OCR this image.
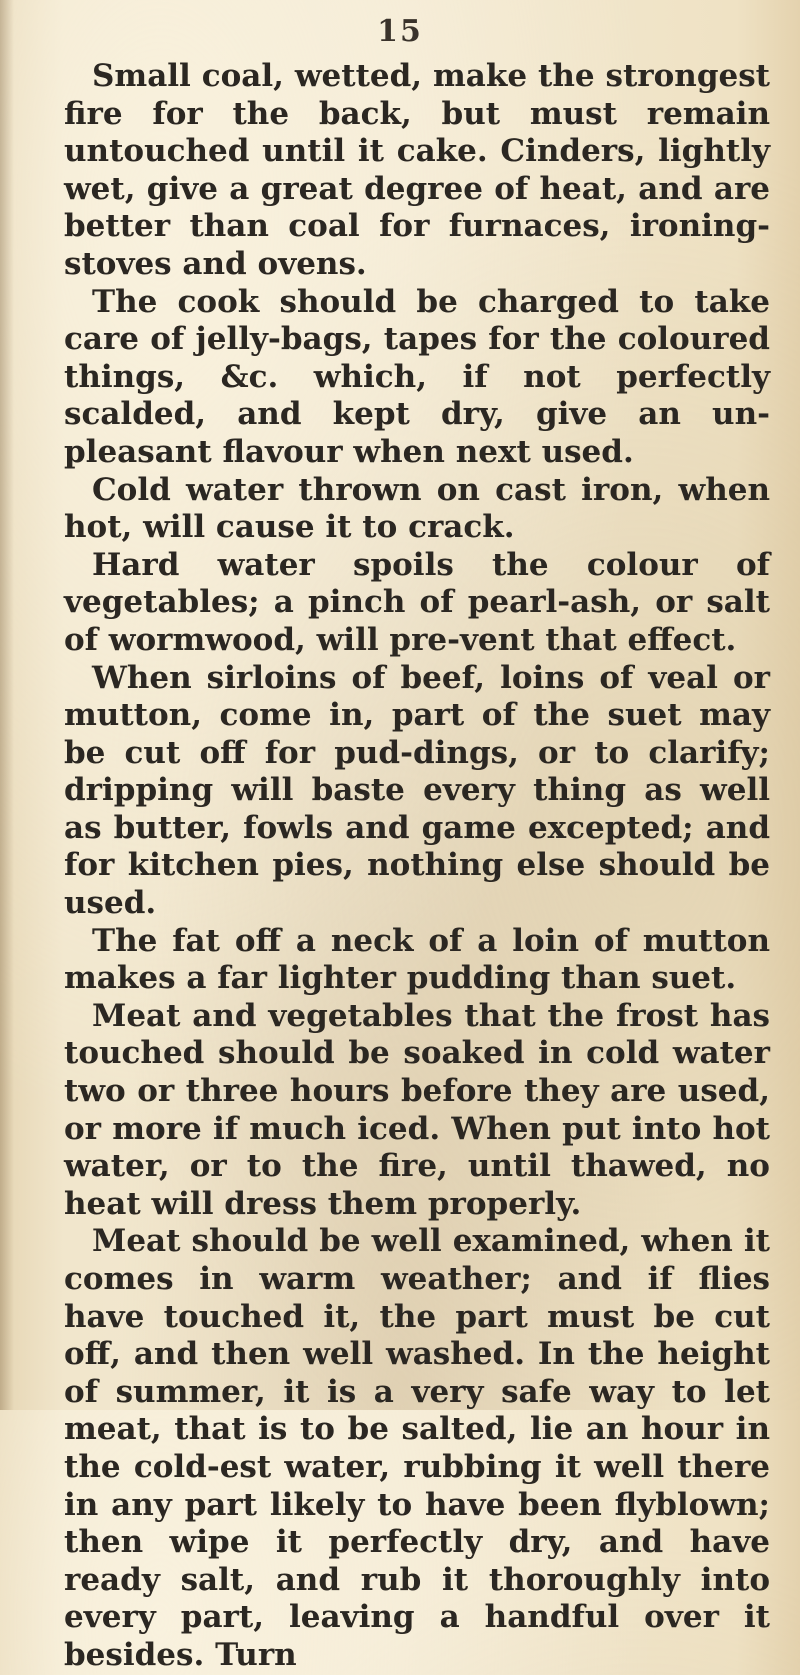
15

Small coal, wetted, make the strongest fire for the back, but must remain untouched until it cake. Cinders, lightly wet, give a great degree of heat, and are better than coal for furnaces, ironing-stoves and ovens.

The cook should be charged to take care of jelly-bags, tapes for the coloured things, &c. which, if not perfectly scalded, and kept dry, give an un-pleasant flavour when next used.

Cold water thrown on cast iron, when hot, will cause it to crack.

Hard water spoils the colour of vegetables; a pinch of pearl-ash, or salt of wormwood, will pre-vent that effect.

When sirloins of beef, loins of veal or mutton, come in, part of the suet may be cut off for pud-dings, or to clarify; dripping will baste every thing as well as butter, fowls and game excepted; and for kitchen pies, nothing else should be used.

The fat off a neck of a loin of mutton makes a far lighter pudding than suet.

Meat and vegetables that the frost has touched should be soaked in cold water two or three hours before they are used, or more if much iced. When put into hot water, or to the fire, until thawed, no heat will dress them properly.

Meat should be well examined, when it comes in warm weather; and if flies have touched it, the part must be cut off, and then well washed. In the height of summer, it is a very safe way to let meat, that is to be salted, lie an hour in the cold-est water, rubbing it well there in any part likely to have been flyblown; then wipe it perfectly dry, and have ready salt, and rub it thoroughly into every part, leaving a handful over it besides. Turn
